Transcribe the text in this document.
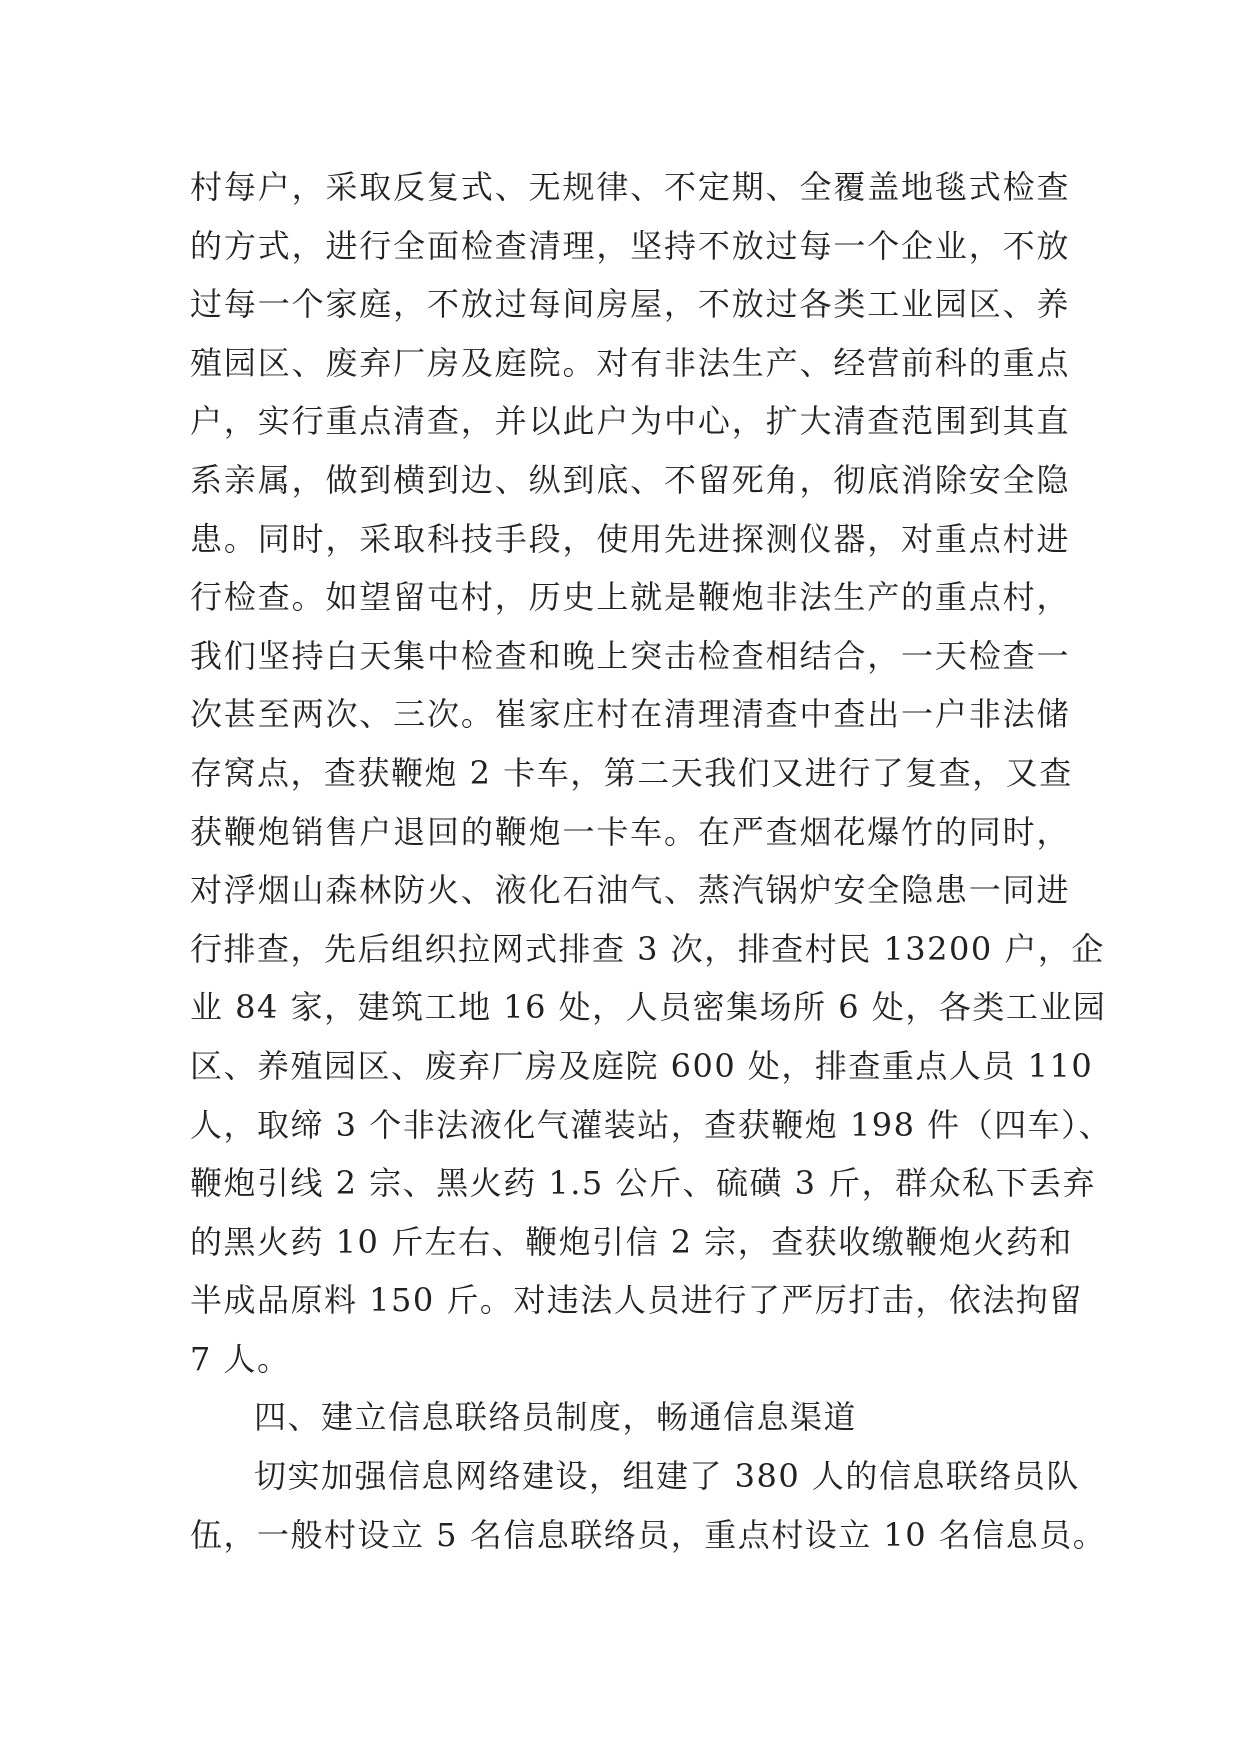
村每户，采取反复式、无规律、不定期、全覆盖地毯式检查
的方式，进行全面检查清理，坚持不放过每一个企业，不放
过每一个家庭，不放过每间房屋，不放过各类工业园区、养
殖园区、废弃厂房及庭院。对有非法生产、经营前科的重点
户，实行重点清查，并以此户为中心，扩大清查范围到其直
系亲属，做到横到边、纵到底、不留死角，彻底消除安全隐
患。同时，采取科技手段，使用先进探测仪器，对重点村进
行检查。如望留屯村，历史上就是鞭炮非法生产的重点村，
我们坚持白天集中检查和晚上突击检查相结合，一天检查一
次甚至两次、三次。崔家庄村在清理清查中查出一户非法储
存窝点，查获鞭炮 2 卡车，第二天我们又进行了复查，又查
获鞭炮销售户退回的鞭炮一卡车。在严查烟花爆竹的同时，
对浮烟山森林防火、液化石油气、蒸汽锅炉安全隐患一同进
行排查，先后组织拉网式排查 3 次，排查村民 13200 户，企
业 84 家，建筑工地 16 处，人员密集场所 6 处，各类工业园
区、养殖园区、废弃厂房及庭院 600 处，排查重点人员 110
人，取缔 3 个非法液化气灌装站，查获鞭炮 198 件（四车）、
鞭炮引线 2 宗、黑火药 1.5 公斤、硫磺 3 斤，群众私下丢弃
的黑火药 10 斤左右、鞭炮引信 2 宗，查获收缴鞭炮火药和
半成品原料 150 斤。对违法人员进行了严厉打击，依法拘留
7 人。
四、建立信息联络员制度，畅通信息渠道
切实加强信息网络建设，组建了 380 人的信息联络员队
伍，一般村设立 5 名信息联络员，重点村设立 10 名信息员。
